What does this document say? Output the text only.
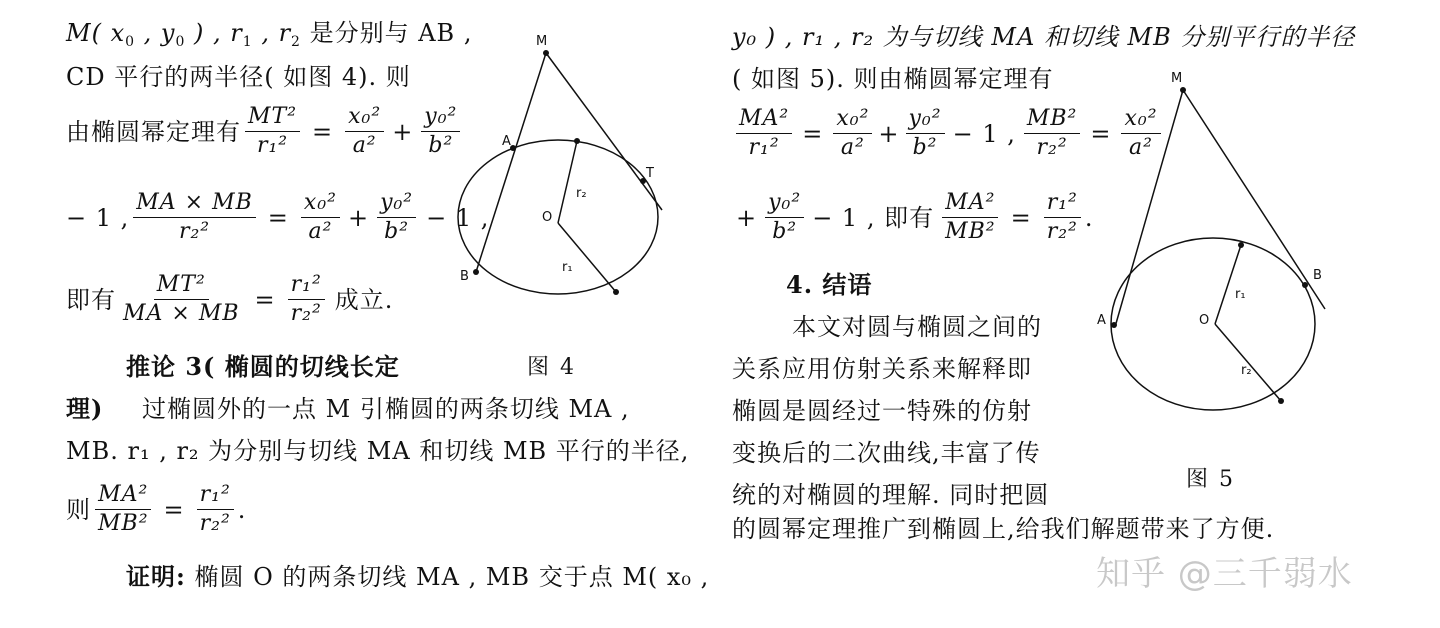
M( $x_0$ , $y_0$ ) , $r_1$ , $r_2$ 是分别与 AB ,
CD 平行的两半径( 如图 4). 则
由椭圆幂定理有 $\frac{\text{MT²}}{\text{r₁²}} = \frac{\text{x₀²}}{\text{a²}} + \frac{\text{y₀²}}{\text{b²}}$
− 1 , $\frac{MA \times MB}{\text{r₂²}} = \frac{\text{x₀²}}{\text{a²}} + \frac{\text{y₀²}}{\text{b²}} - 1$ ,
即有 $\frac{\text{MT²}}{MA \times MB} = \frac{\text{r₁²}}{\text{r₂²}}$ 成立.
推论 3( 椭圆的切线长定
理) 过椭圆外的一点 M 引椭圆的两条切线 MA ,
MB. r₁ , r₂ 为分别与切线 MA 和切线 MB 平行的半径,
则 $\frac{\text{MA²}}{\text{MB²}} = \frac{\text{r₁²}}{\text{r₂²}}$ .
证明: 椭圆 O 的两条切线 MA , MB 交于点 M( x₀ ,
M
A
T
O
B
r₂
r₁
图 4
y₀ ) , r₁ , r₂ 为与切线 MA 和切线 MB 分别平行的半径
( 如图 5). 则由椭圆幂定理有
$\frac{\text{MA²}}{\text{r₁²}} = \frac{\text{x₀²}}{\text{a²}} + \frac{\text{y₀²}}{\text{b²}} - 1$ , $\frac{\text{MB²}}{\text{r₂²}} = \frac{\text{x₀²}}{\text{a²}}$
+ $\frac{\text{y₀²}}{\text{b²}} - 1$ , 即有 $\frac{\text{MA²}}{\text{MB²}} = \frac{\text{r₁²}}{\text{r₂²}}$ .
4. 结语
本文对圆与椭圆之间的
关系应用仿射关系来解释即
椭圆是圆经过一特殊的仿射
变换后的二次曲线,丰富了传
统的对椭圆的理解. 同时把圆
的圆幂定理推广到椭圆上,给我们解题带来了方便.
M
A
B
O
r₁
r₂
图 5
知乎 @三千弱水
